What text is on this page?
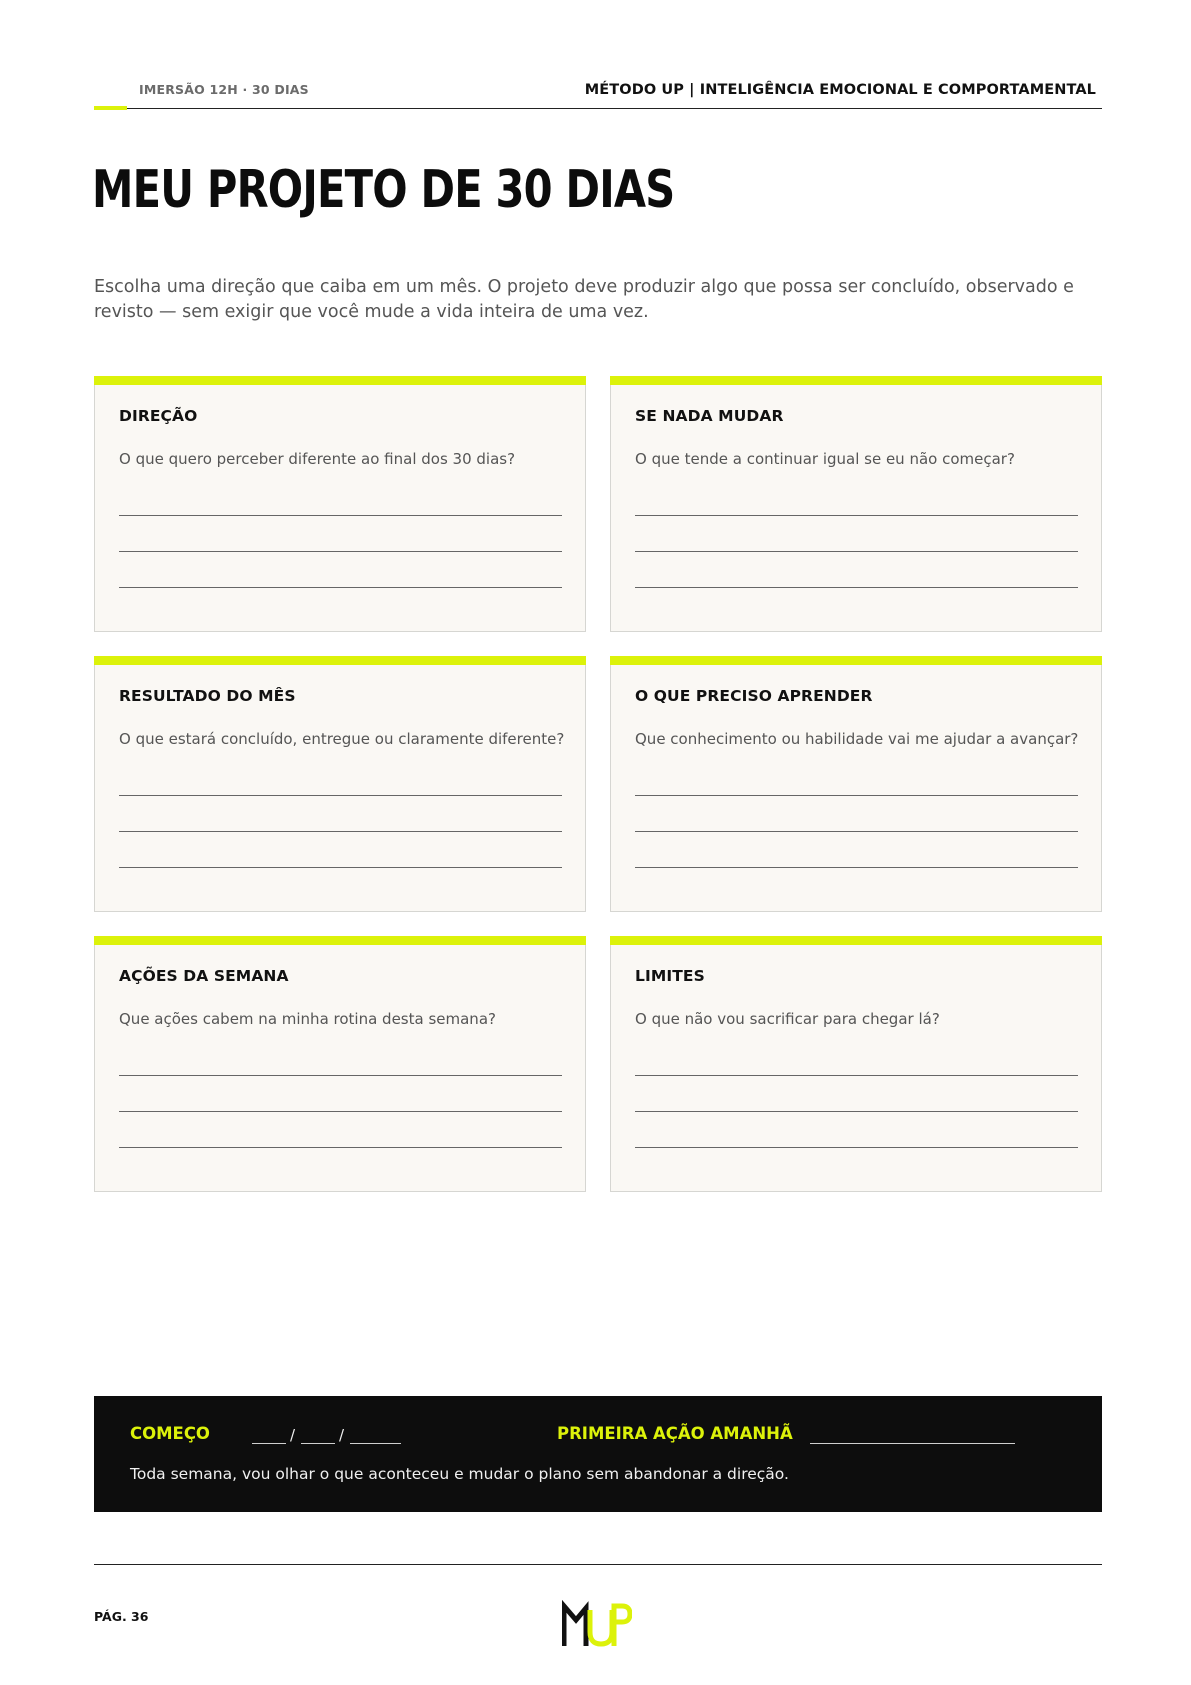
IMERSÃO 12H · 30 DIAS	MÉTODO UP | INTELIGÊNCIA EMOCIONAL E COMPORTAMENTAL
MEU PROJETO DE 30 DIAS
Escolha uma direção que caiba em um mês. O projeto deve produzir algo que possa ser concluído, observado e revisto — sem exigir que você mude a vida inteira de uma vez.
DIREÇÃO
O que quero perceber diferente ao final dos 30 dias?
SE NADA MUDAR
O que tende a continuar igual se eu não começar?
RESULTADO DO MÊS
O que estará concluído, entregue ou claramente diferente?
O QUE PRECISO APRENDER
Que conhecimento ou habilidade vai me ajudar a avançar?
AÇÕES DA SEMANA
Que ações cabem na minha rotina desta semana?
LIMITES
O que não vou sacrificar para chegar lá?
COMEÇO	/	/	PRIMEIRA AÇÃO AMANHÃ
Toda semana, vou olhar o que aconteceu e mudar o plano sem abandonar a direção.
PÁG. 36
